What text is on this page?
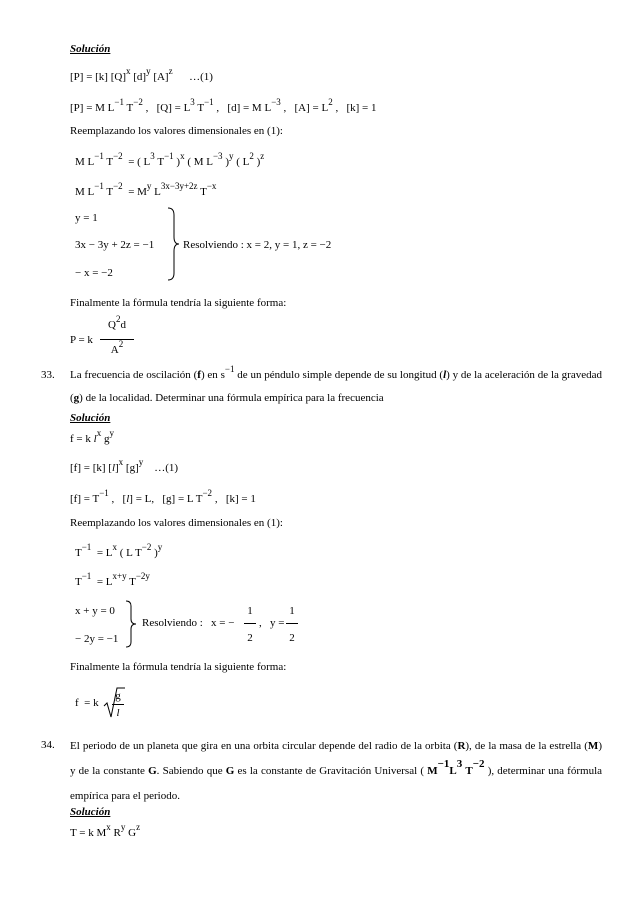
Solución
[P] = [k] $[Q]^x$ $[d]^y$ $[A]^z$      …(1)
[P] = M $L^{-1}$ $T^{-2}$ ,   $[Q] = L^3$ $T^{-1}$ ,   [d] = M $L^{-3}$ ,   $[A] = L^2$ ,   [k] = 1
Reemplazando los valores dimensionales en (1):
M $L^{-1}$ $T^{-2}$  = ( $L^3$ $T^{-1}$ )$^x$ ( M $L^{-3}$ )$^y$ ( $L^2$ )$^z$
M $L^{-1}$ $T^{-2} = M^y$ $L^{3x-3y+2z}$ $T^{-x}$
y = 1
3x − 3y + 2z = −1
− x = −2
Resolviendo : x = 2, y = 1, z = −2
Finalmente la fórmula tendría la siguiente forma:
P = k
$Q^2d$
$A^2$
33. La frecuencia de oscilación (f) en $s^{-1}$ de un péndulo simple depende de su longitud (l) y de la aceleración de la gravedad (g) de la localidad. Determinar una fórmula empírica para la frecuencia
Solución
f = k $l^x$ $g^y$
[f] = [k] $[l]^x$ $[g]^y$    …(1)
$[f] = T^{-1}$ ,   [l] = L,   [g] = L $T^{-2}$ ,   [k] = 1
Reemplazando los valores dimensionales en (1):
$T^{-1} = L^x$ ( L $T^{-2}$ )$^y$
$T^{-1} = L^{x+y}$ $T^{-2y}$
x + y = 0
− 2y = −1
Resolviendo :   x = −
1
2
,   y =
1
2
Finalmente la fórmula tendría la siguiente forma:
f  = k
g
l
34. El periodo de un planeta que gira en una orbita circular depende del radio de la orbita (R), de la masa de la estrella (M) y de la constante G. Sabiendo que G es la constante de Gravitación Universal ( M−1L3 T−2 ), determinar una fórmula empírica para el periodo.
Solución
T = k $M^x$ $R^y$ $G^z$
